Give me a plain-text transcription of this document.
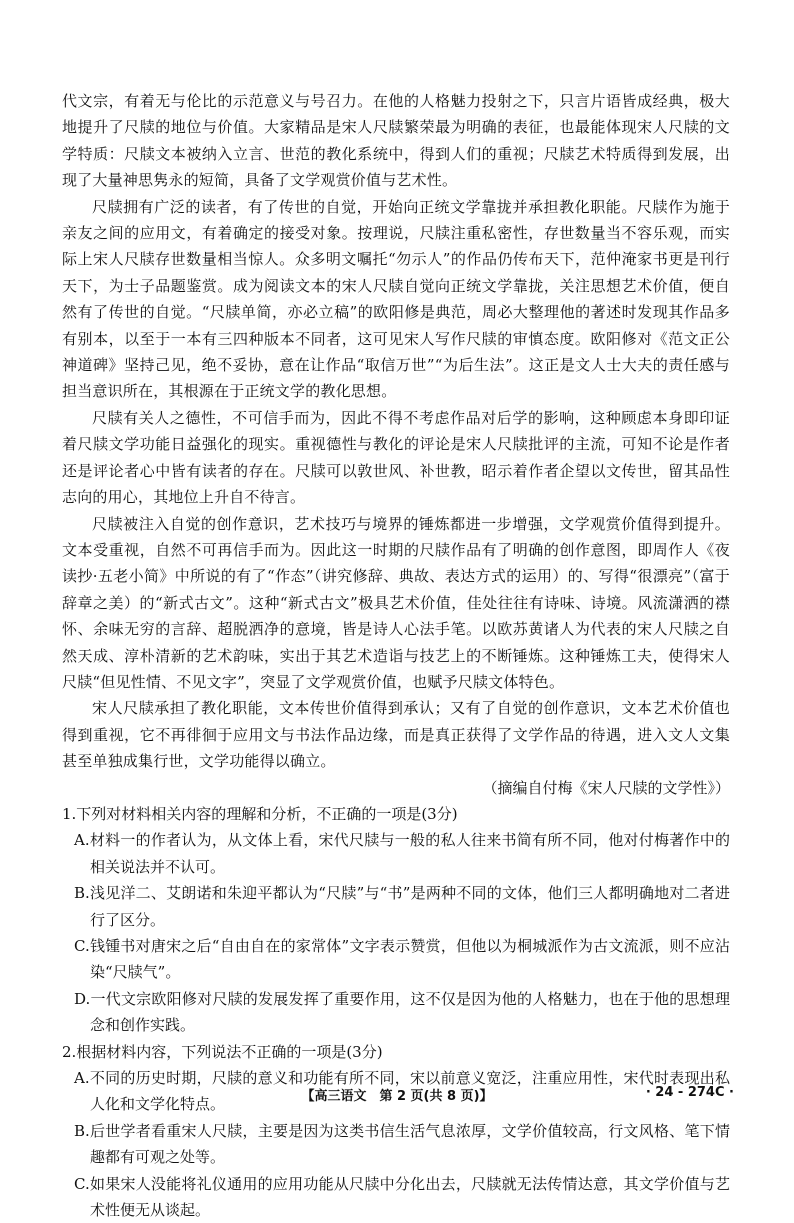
代文宗，有着无与伦比的示范意义与号召力。在他的人格魅力投射之下，只言片语皆成经典，极大地提升了尺牍的地位与价值。大家精品是宋人尺牍繁荣最为明确的表征，也最能体现宋人尺牍的文学特质：尺牍文本被纳入立言、世范的教化系统中，得到人们的重视；尺牍艺术特质得到发展，出现了大量神思隽永的短简，具备了文学观赏价值与艺术性。

尺牍拥有广泛的读者，有了传世的自觉，开始向正统文学靠拢并承担教化职能。尺牍作为施于亲友之间的应用文，有着确定的接受对象。按理说，尺牍注重私密性，存世数量当不容乐观，而实际上宋人尺牍存世数量相当惊人。众多明文嘱托“勿示人”的作品仍传布天下，范仲淹家书更是刊行天下，为士子品题鉴赏。成为阅读文本的宋人尺牍自觉向正统文学靠拢，关注思想艺术价值，便自然有了传世的自觉。“尺牍单简，亦必立稿”的欧阳修是典范，周必大整理他的著述时发现其作品多有别本，以至于一本有三四种版本不同者，这可见宋人写作尺牍的审慎态度。欧阳修对《范文正公神道碑》坚持己见，绝不妥协，意在让作品“取信万世”“为后生法”。这正是文人士大夫的责任感与担当意识所在，其根源在于正统文学的教化思想。

尺牍有关人之德性，不可信手而为，因此不得不考虑作品对后学的影响，这种顾虑本身即印证着尺牍文学功能日益强化的现实。重视德性与教化的评论是宋人尺牍批评的主流，可知不论是作者还是评论者心中皆有读者的存在。尺牍可以敦世风、补世教，昭示着作者企望以文传世，留其品性志向的用心，其地位上升自不待言。

尺牍被注入自觉的创作意识，艺术技巧与境界的锤炼都进一步增强，文学观赏价值得到提升。文本受重视，自然不可再信手而为。因此这一时期的尺牍作品有了明确的创作意图，即周作人《夜读抄·五老小简》中所说的有了“作态”（讲究修辞、典故、表达方式的运用）的、写得“很漂亮”（富于辞章之美）的“新式古文”。这种“新式古文”极具艺术价值，佳处往往有诗味、诗境。风流潇洒的襟怀、余味无穷的言辞、超脱洒净的意境，皆是诗人心法手笔。以欧苏黄诸人为代表的宋人尺牍之自然天成、淳朴清新的艺术韵味，实出于其艺术造诣与技艺上的不断锤炼。这种锤炼工夫，使得宋人尺牍“但见性情、不见文字”，突显了文学观赏价值，也赋予尺牍文体特色。

宋人尺牍承担了教化职能，文本传世价值得到承认；又有了自觉的创作意识，文本艺术价值也得到重视，它不再徘徊于应用文与书法作品边缘，而是真正获得了文学作品的待遇，进入文人文集甚至单独成集行世，文学功能得以确立。

（摘编自付梅《宋人尺牍的文学性》）

1.下列对材料相关内容的理解和分析，不正确的一项是(3分)

A.材料一的作者认为，从文体上看，宋代尺牍与一般的私人往来书简有所不同，他对付梅著作中的相关说法并不认可。

B.浅见洋二、艾朗诺和朱迎平都认为“尺牍”与“书”是两种不同的文体，他们三人都明确地对二者进行了区分。

C.钱锺书对唐宋之后“自由自在的家常体”文字表示赞赏，但他以为桐城派作为古文流派，则不应沾染“尺牍气”。

D.一代文宗欧阳修对尺牍的发展发挥了重要作用，这不仅是因为他的人格魅力，也在于他的思想理念和创作实践。

2.根据材料内容，下列说法不正确的一项是(3分)

A.不同的历史时期，尺牍的意义和功能有所不同，宋以前意义宽泛，注重应用性，宋代时表现出私人化和文学化特点。

B.后世学者看重宋人尺牍，主要是因为这类书信生活气息浓厚，文学价值较高，行文风格、笔下情趣都有可观之处等。

C.如果宋人没能将礼仪通用的应用功能从尺牍中分化出去，尺牍就无法传情达意，其文学价值与艺术性便无从谈起。

【高三语文　第 2 页(共 8 页)】	· 24 - 274C ·
